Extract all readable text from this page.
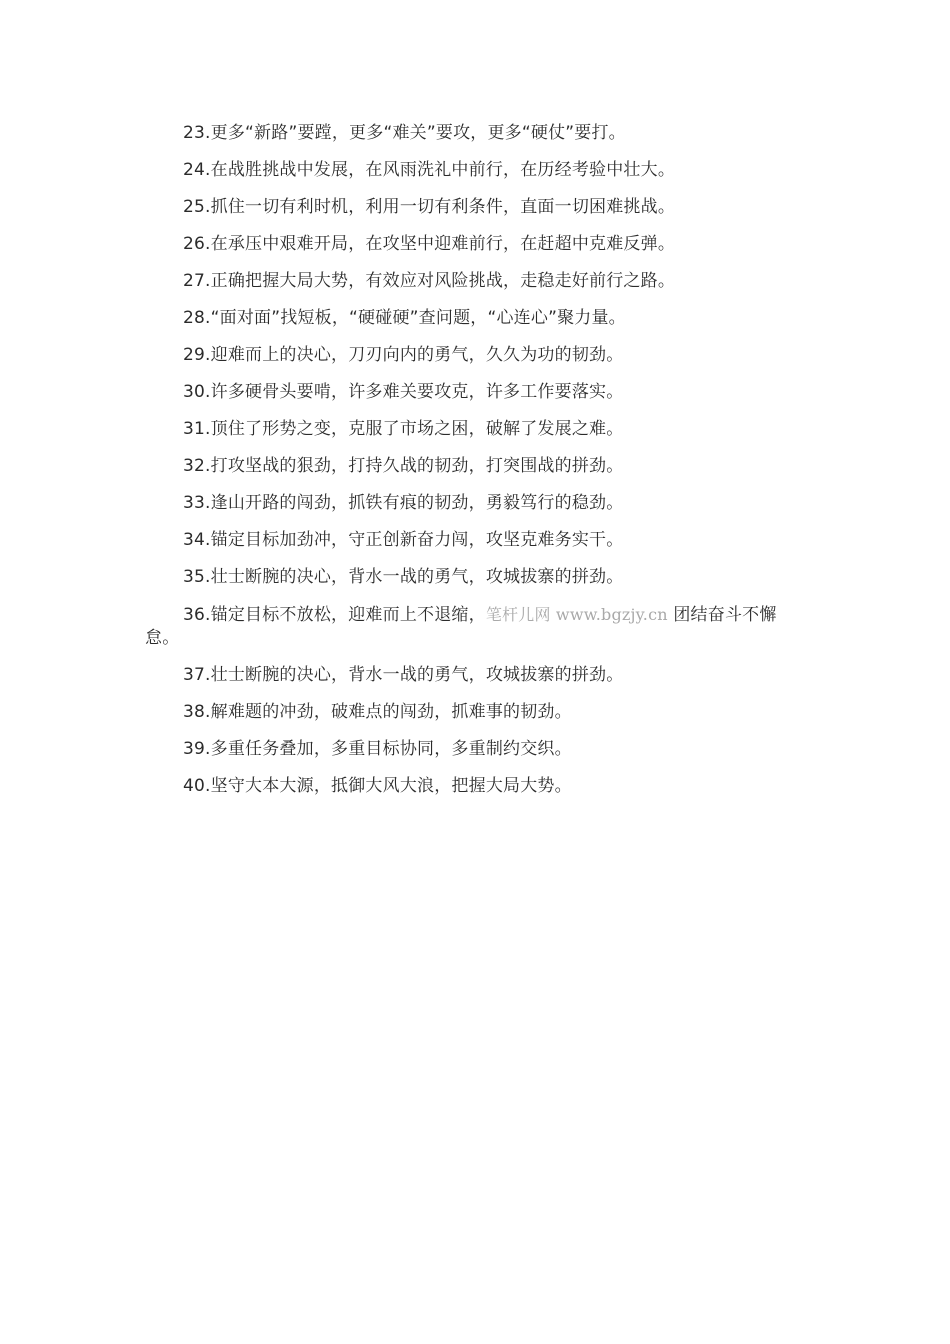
23.更多“新路”要蹚，更多“难关”要攻，更多“硬仗”要打。

24.在战胜挑战中发展，在风雨洗礼中前行，在历经考验中壮大。

25.抓住一切有利时机，利用一切有利条件，直面一切困难挑战。

26.在承压中艰难开局，在攻坚中迎难前行，在赶超中克难反弹。

27.正确把握大局大势，有效应对风险挑战，走稳走好前行之路。

28.“面对面”找短板，“硬碰硬”查问题，“心连心”聚力量。

29.迎难而上的决心，刀刃向内的勇气，久久为功的韧劲。

30.许多硬骨头要啃，许多难关要攻克，许多工作要落实。

31.顶住了形势之变，克服了市场之困，破解了发展之难。

32.打攻坚战的狠劲，打持久战的韧劲，打突围战的拼劲。

33.逢山开路的闯劲，抓铁有痕的韧劲，勇毅笃行的稳劲。

34.锚定目标加劲冲，守正创新奋力闯，攻坚克难务实干。

35.壮士断腕的决心，背水一战的勇气，攻城拔寨的拼劲。

36.锚定目标不放松，迎难而上不退缩，笔杆儿网 www.bgzjy.cn 团结奋斗不懈怠。

37.壮士断腕的决心，背水一战的勇气，攻城拔寨的拼劲。

38.解难题的冲劲，破难点的闯劲，抓难事的韧劲。

39.多重任务叠加，多重目标协同，多重制约交织。

40.坚守大本大源，抵御大风大浪，把握大局大势。
